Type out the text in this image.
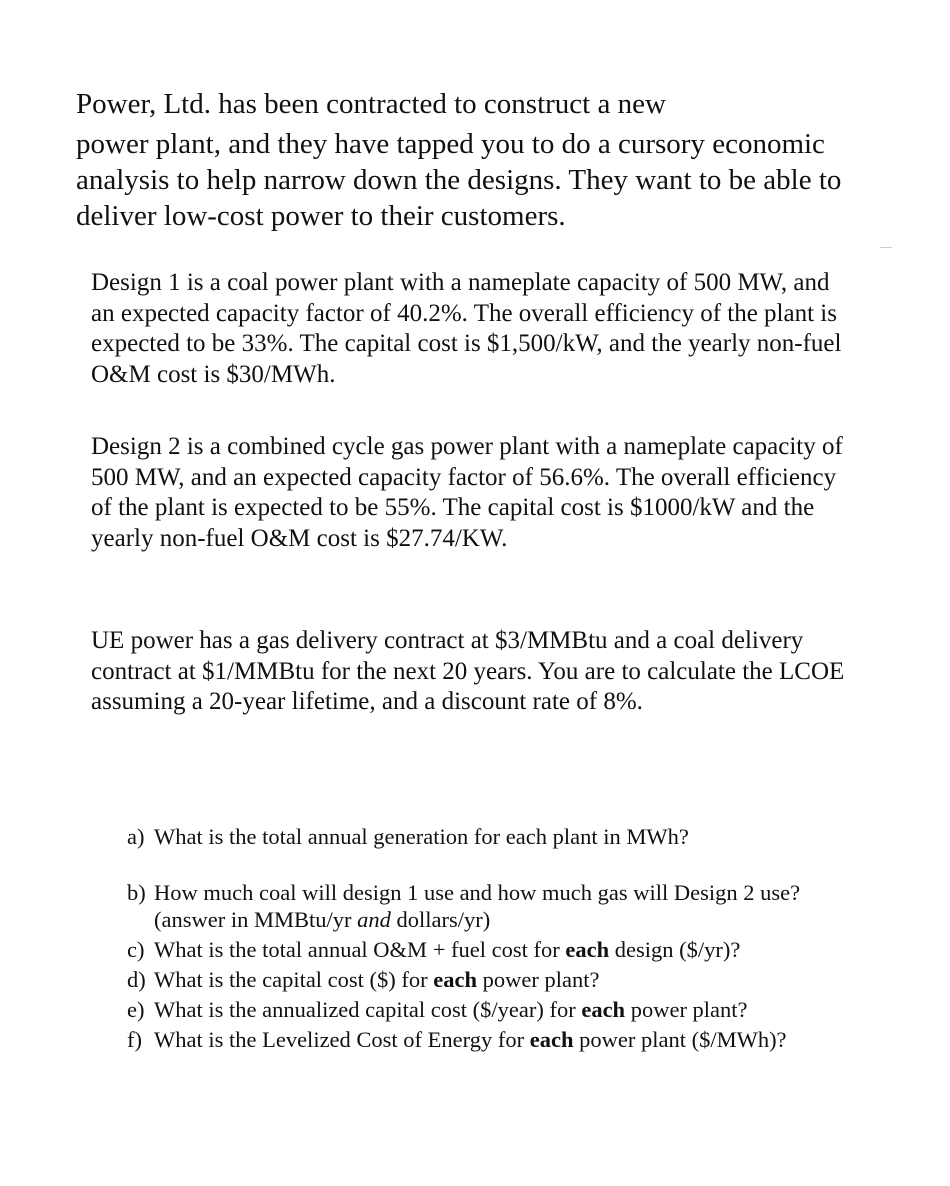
Power, Ltd. has been contracted to construct a new

power plant, and they have tapped you to do a cursory economic analysis to help narrow down the designs. They want to be able to deliver low-cost power to their customers.

Design 1 is a coal power plant with a nameplate capacity of 500 MW, and an expected capacity factor of 40.2%. The overall efficiency of the plant is expected to be 33%. The capital cost is $1,500/kW, and the yearly non-fuel O&M cost is $30/MWh.

Design 2 is a combined cycle gas power plant with a nameplate capacity of 500 MW, and an expected capacity factor of 56.6%. The overall efficiency of the plant is expected to be 55%. The capital cost is $1000/kW and the yearly non-fuel O&M cost is $27.74/KW.

UE power has a gas delivery contract at $3/MMBtu and a coal delivery contract at $1/MMBtu for the next 20 years. You are to calculate the LCOE assuming a 20-year lifetime, and a discount rate of 8%.

a) What is the total annual generation for each plant in MWh?
b) How much coal will design 1 use and how much gas will Design 2 use? (answer in MMBtu/yr and dollars/yr)
c) What is the total annual O&M + fuel cost for each design ($/yr)?
d) What is the capital cost ($) for each power plant?
e) What is the annualized capital cost ($/year) for each power plant?
f) What is the Levelized Cost of Energy for each power plant ($/MWh)?
